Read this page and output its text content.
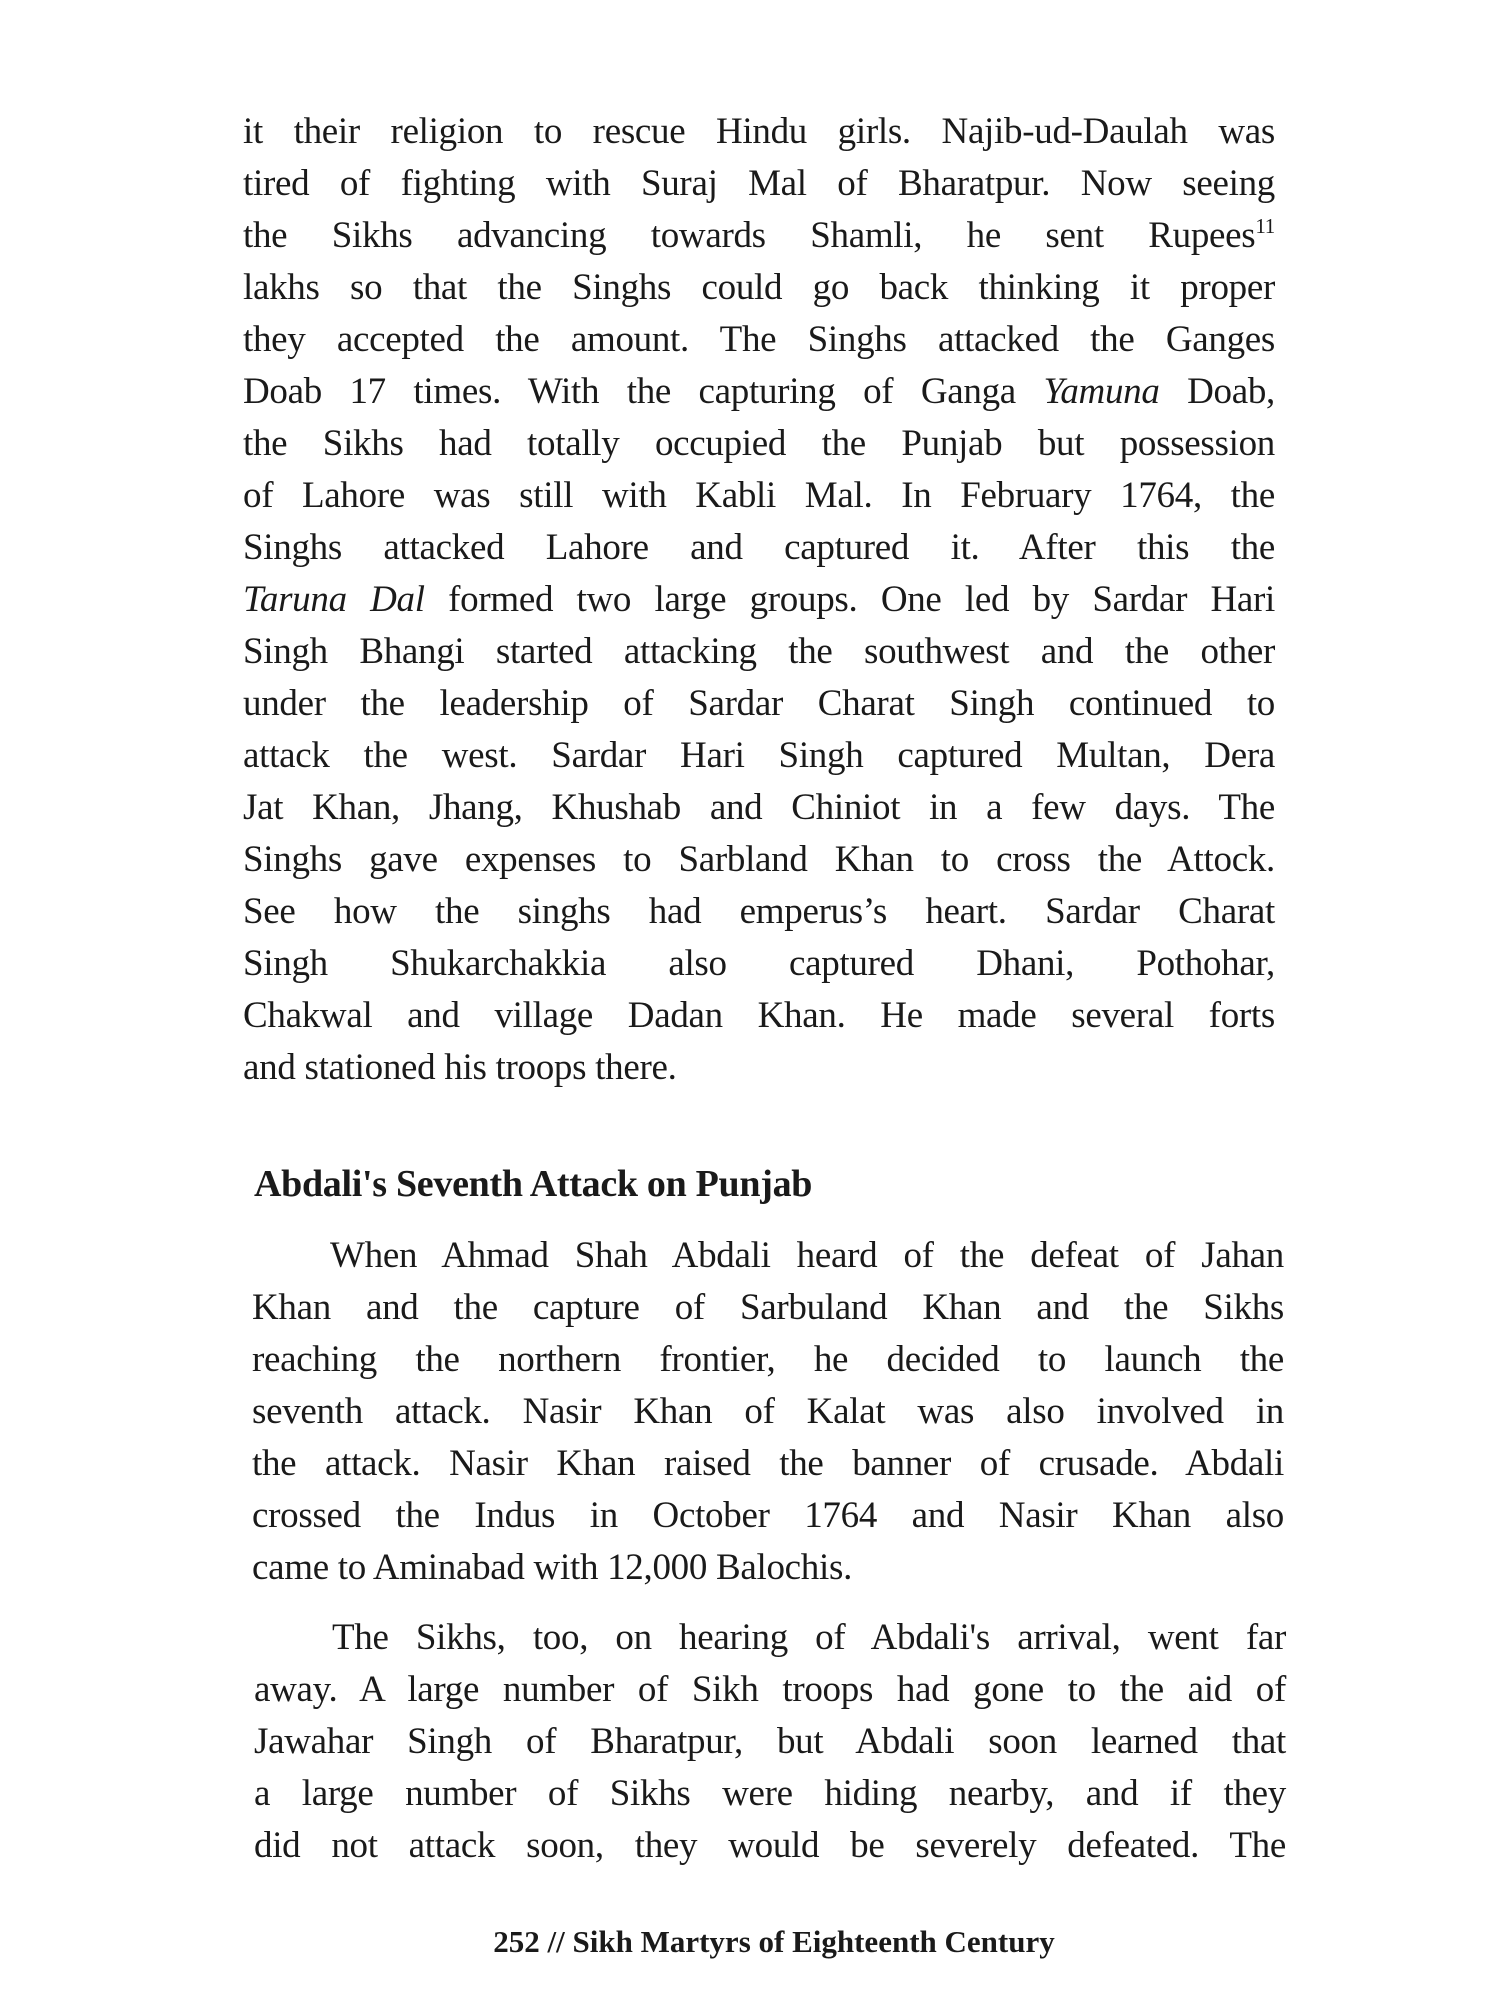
it their religion to rescue Hindu girls. Najib-ud-Daulah was
tired of fighting with Suraj Mal of Bharatpur. Now seeing
the Sikhs advancing towards Shamli, he sent Rupees$^{11}$
lakhs so that the Singhs could go back thinking it proper
they accepted the amount. The Singhs attacked the Ganges
Doab 17 times. With the capturing of Ganga Yamuna Doab,
the Sikhs had totally occupied the Punjab but possession
of Lahore was still with Kabli Mal. In February 1764, the
Singhs attacked Lahore and captured it. After this the
Taruna Dal formed two large groups. One led by Sardar Hari
Singh Bhangi started attacking the southwest and the other
under the leadership of Sardar Charat Singh continued to
attack the west. Sardar Hari Singh captured Multan, Dera
Jat Khan, Jhang, Khushab and Chiniot in a few days. The
Singhs gave expenses to Sarbland Khan to cross the Attock.
See how the singhs had emperus’s heart. Sardar Charat
Singh Shukarchakkia also captured Dhani, Pothohar,
Chakwal and village Dadan Khan. He made several forts
and stationed his troops there.
Abdali's Seventh Attack on Punjab
When Ahmad Shah Abdali heard of the defeat of Jahan
Khan and the capture of Sarbuland Khan and the Sikhs
reaching the northern frontier, he decided to launch the
seventh attack. Nasir Khan of Kalat was also involved in
the attack. Nasir Khan raised the banner of crusade. Abdali
crossed the Indus in October 1764 and Nasir Khan also
came to Aminabad with 12,000 Balochis.
The Sikhs, too, on hearing of Abdali's arrival, went far
away. A large number of Sikh troops had gone to the aid of
Jawahar Singh of Bharatpur, but Abdali soon learned that
a large number of Sikhs were hiding nearby, and if they
did not attack soon, they would be severely defeated. The
252 // Sikh Martyrs of Eighteenth Century
